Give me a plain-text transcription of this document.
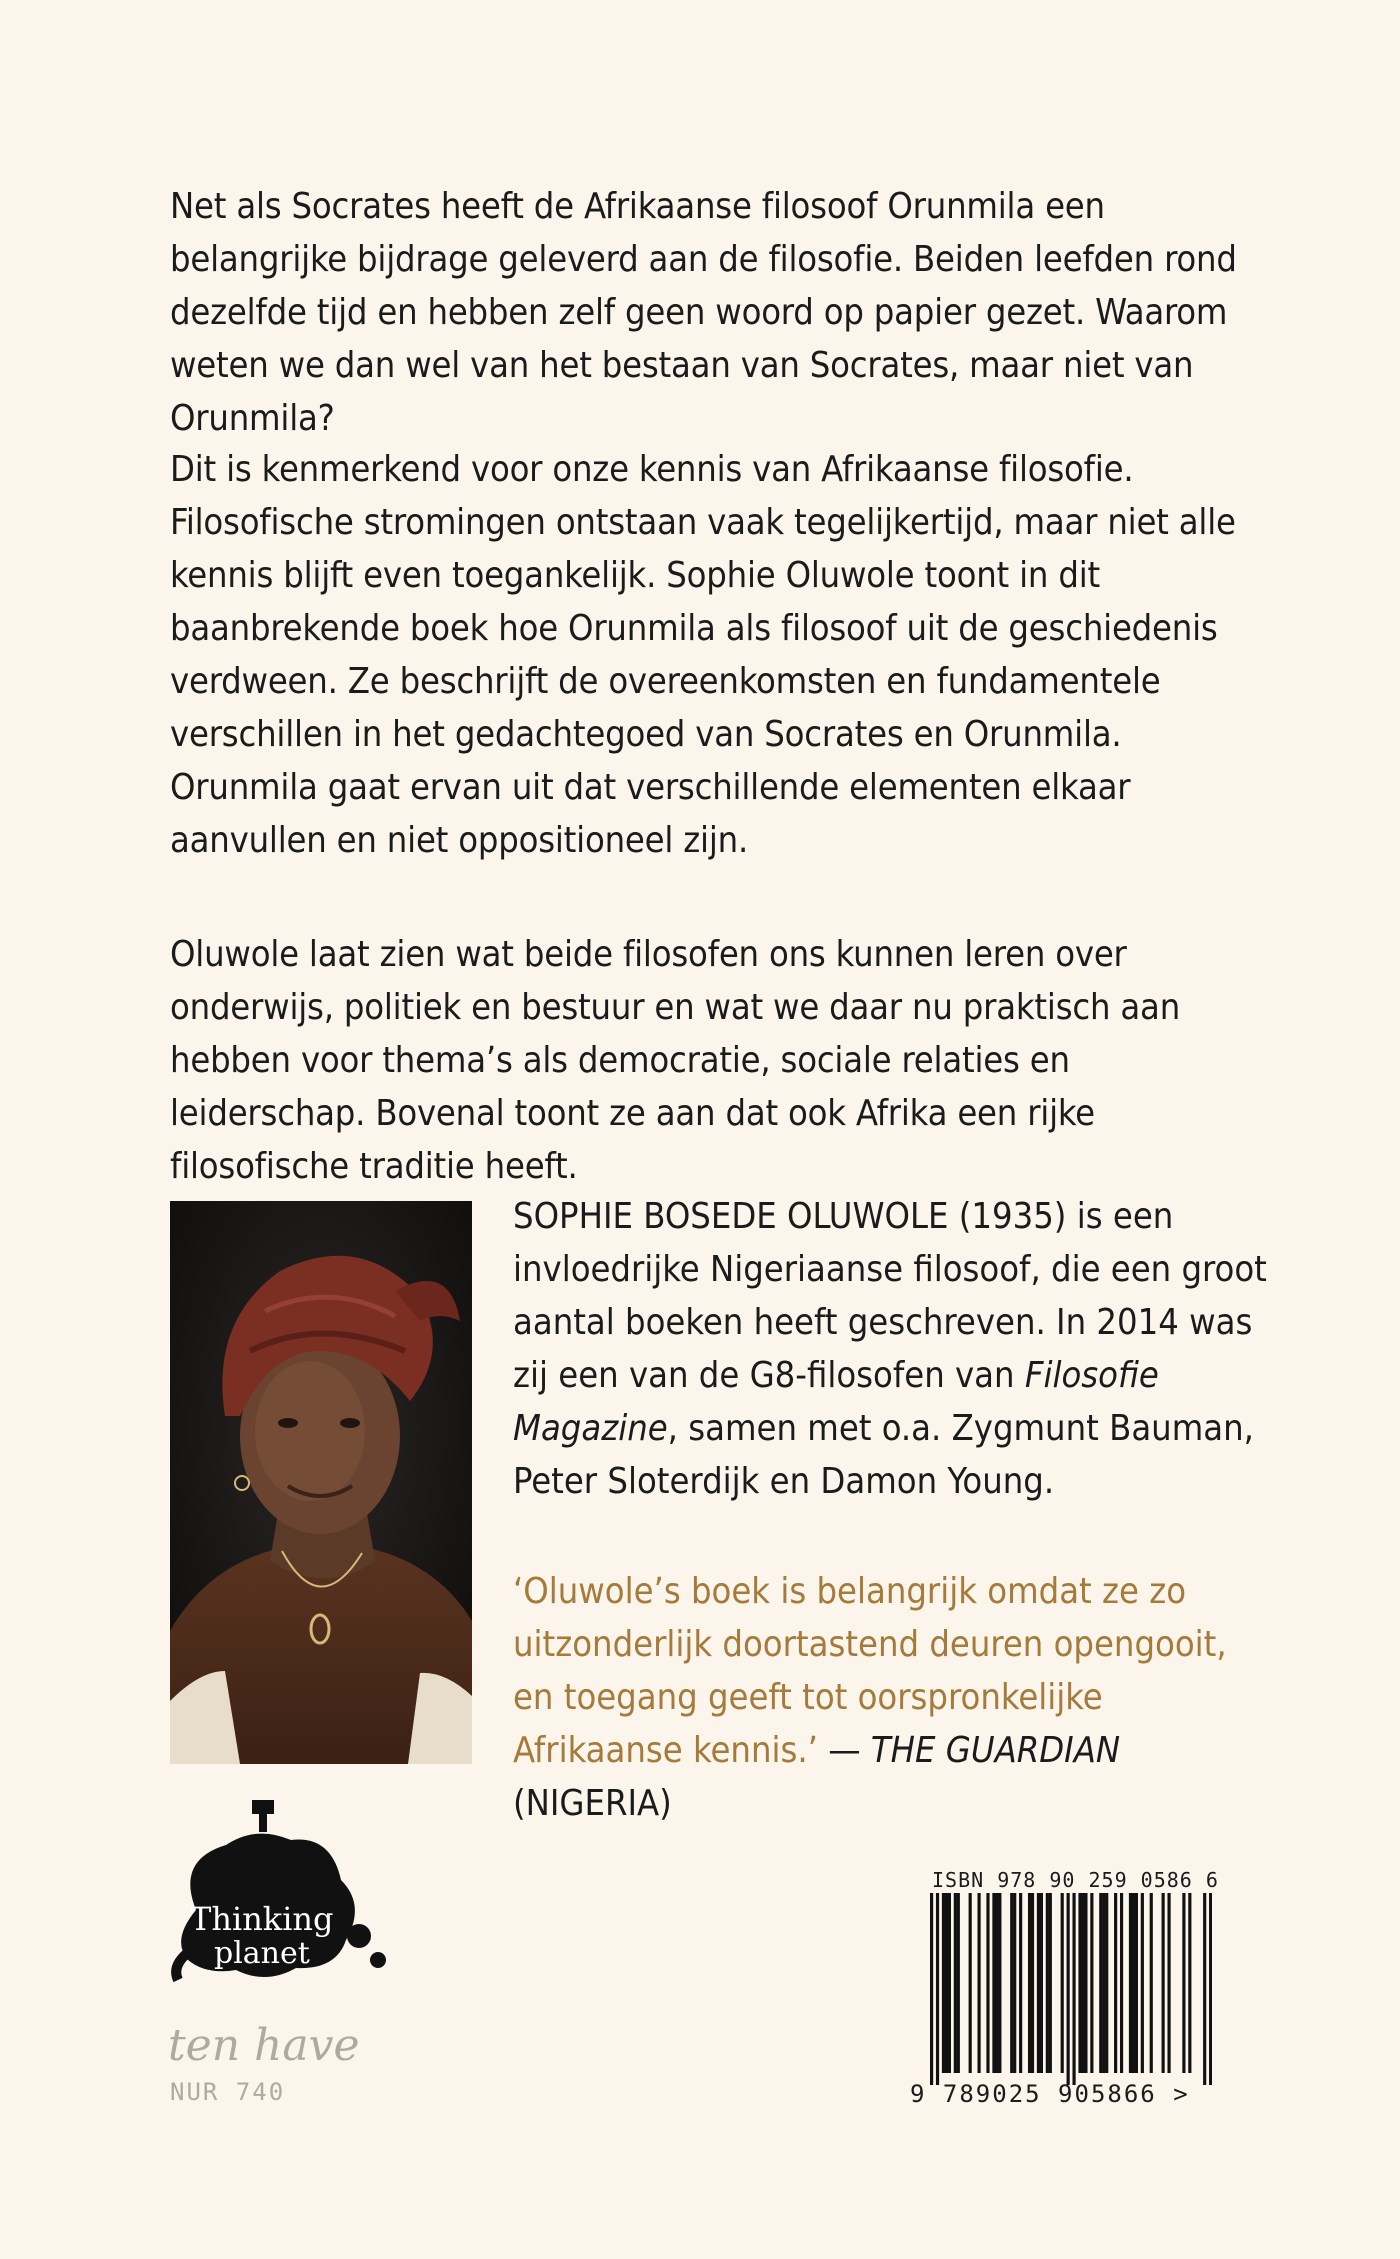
Net als Socrates heeft de Afrikaanse filosoof Orunmila een belangrijke bijdrage geleverd aan de filosofie. Beiden leefden rond dezelfde tijd en hebben zelf geen woord op papier gezet. Waarom weten we dan wel van het bestaan van Socrates, maar niet van Orunmila?

Dit is kenmerkend voor onze kennis van Afrikaanse filosofie. Filosofische stromingen ontstaan vaak tegelijkertijd, maar niet alle kennis blijft even toegankelijk. Sophie Oluwole toont in dit baanbrekende boek hoe Orunmila als filosoof uit de geschiedenis verdween. Ze beschrijft de overeenkomsten en fundamentele verschillen in het gedachtegoed van Socrates en Orunmila. Orunmila gaat ervan uit dat verschillende elementen elkaar aanvullen en niet oppositioneel zijn.

Oluwole laat zien wat beide filosofen ons kunnen leren over onderwijs, politiek en bestuur en wat we daar nu praktisch aan hebben voor thema’s als democratie, sociale relaties en leiderschap. Bovenal toont ze aan dat ook Afrika een rijke filosofische traditie heeft.

SOPHIE BOSEDE OLUWOLE (1935) is een invloedrijke Nigeriaanse filosoof, die een groot aantal boeken heeft geschreven. In 2014 was zij een van de G8-filosofen van Filosofie Magazine, samen met o.a. Zygmunt Bauman, Peter Sloterdijk en Damon Young.

‘Oluwole’s boek is belangrijk omdat ze zo uitzonderlijk doortastend deuren opengooit, en toegang geeft tot oorspronkelijke Afrikaanse kennis.’ — THE GUARDIAN (NIGERIA)

Thinking
planet
ten have
NUR 740
ISBN 978 90 259 0586 6
9 789025 905866 >
